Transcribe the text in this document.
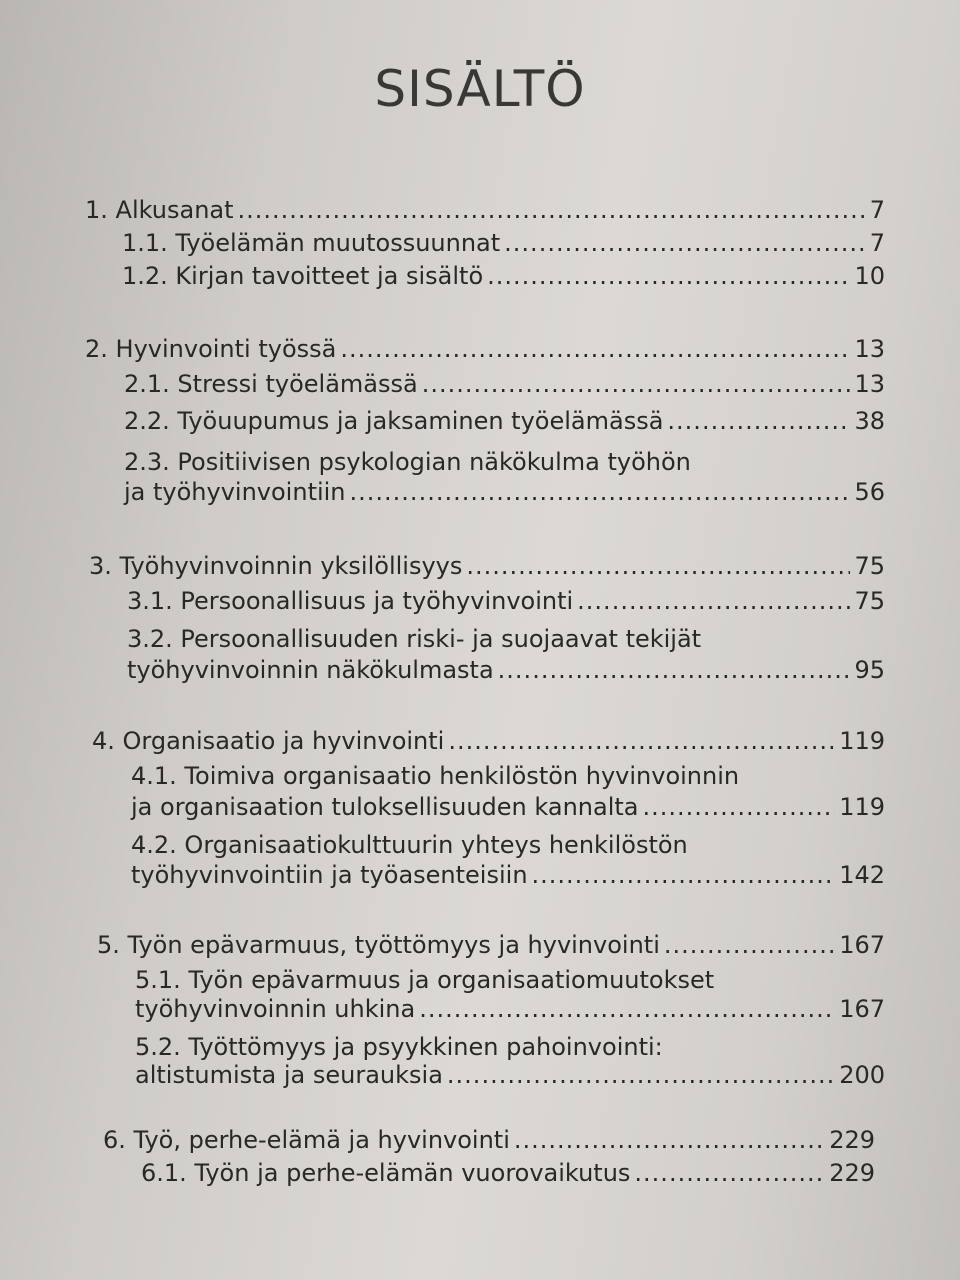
SISÄLTÖ
1. Alkusanat .....	7
1.1. Työelämän muutossuunnat .....	7
1.2. Kirjan tavoitteet ja sisältö .....	10
2. Hyvinvointi työssä .....	13
2.1. Stressi työelämässä .....	13
2.2. Työuupumus ja jaksaminen työelämässä .....	38
2.3. Positiivisen psykologian näkökulma työhön
ja työhyvinvointiin .....	56
3. Työhyvinvoinnin yksilöllisyys .....	75
3.1. Persoonallisuus ja työhyvinvointi .....	75
3.2. Persoonallisuuden riski- ja suojaavat tekijät
työhyvinvoinnin näkökulmasta .....	95
4. Organisaatio ja hyvinvointi .....	119
4.1. Toimiva organisaatio henkilöstön hyvinvoinnin
ja organisaation tuloksellisuuden kannalta .....	119
4.2. Organisaatiokulttuurin yhteys henkilöstön
työhyvinvointiin ja työasenteisiin .....	142
5. Työn epävarmuus, työttömyys ja hyvinvointi .....	167
5.1. Työn epävarmuus ja organisaatiomuutokset
työhyvinvoinnin uhkina .....	167
5.2. Työttömyys ja psyykkinen pahoinvointi:
altistumista ja seurauksia .....	200
6. Työ, perhe-elämä ja hyvinvointi .....	229
6.1. Työn ja perhe-elämän vuorovaikutus .....	229
